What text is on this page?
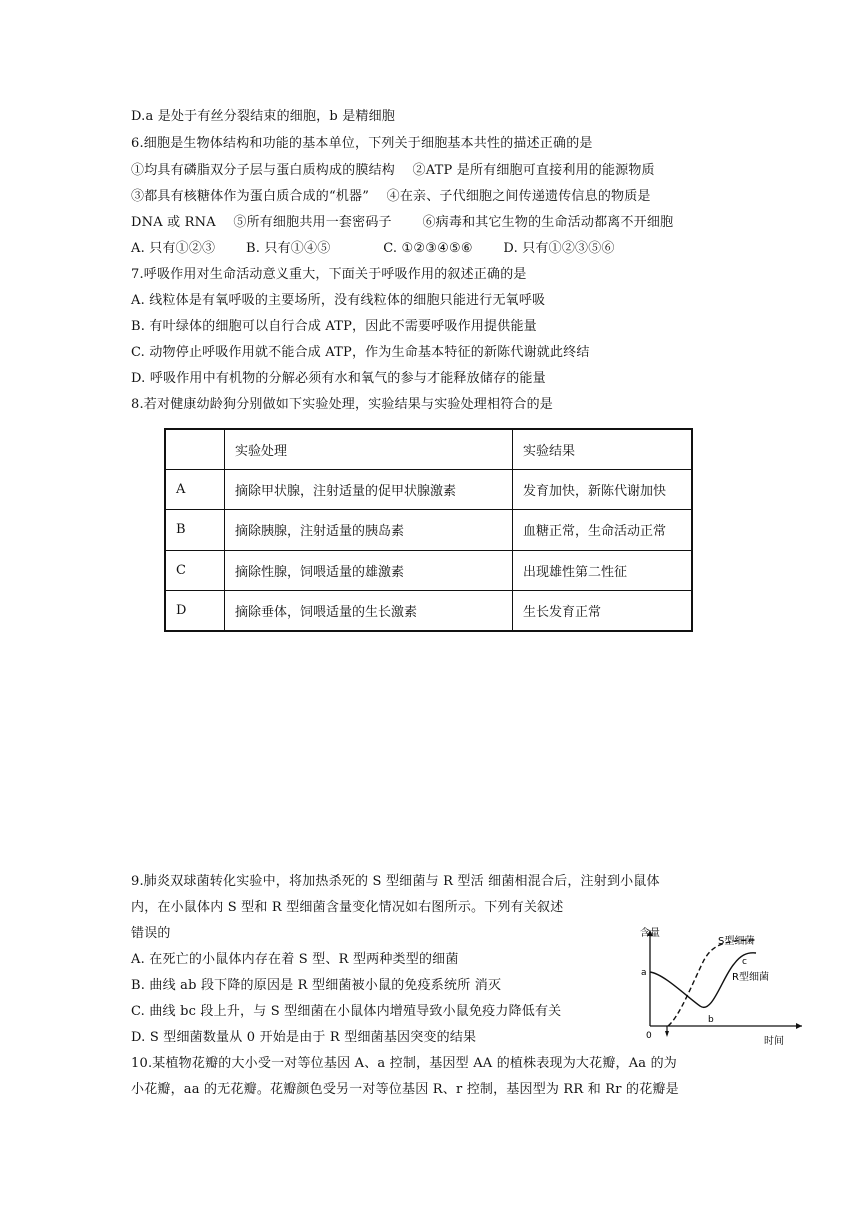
D.a 是处于有丝分裂结束的细胞，b 是精细胞
6.细胞是生物体结构和功能的基本单位，下列关于细胞基本共性的描述正确的是
①均具有磷脂双分子层与蛋白质构成的膜结构　 ②ATP 是所有细胞可直接利用的能源物质
③都具有核糖体作为蛋白质合成的“机器”　 ④在亲、子代细胞之间传递遗传信息的物质是
DNA 或 RNA　 ⑤所有细胞共用一套密码子　　 ⑥病毒和其它生物的生命活动都离不开细胞
A. 只有①②③　　 B. 只有①④⑤　　　　C. ①②③④⑤⑥　　 D. 只有①②③⑤⑥
7.呼吸作用对生命活动意义重大，下面关于呼吸作用的叙述正确的是
A. 线粒体是有氧呼吸的主要场所，没有线粒体的细胞只能进行无氧呼吸
B. 有叶绿体的细胞可以自行合成 ATP，因此不需要呼吸作用提供能量
C. 动物停止呼吸作用就不能合成 ATP，作为生命基本特征的新陈代谢就此终结
D. 呼吸作用中有机物的分解必须有水和氧气的参与才能释放储存的能量
8.若对健康幼龄狗分别做如下实验处理，实验结果与实验处理相符合的是
	实验处理	实验结果
A	摘除甲状腺，注射适量的促甲状腺激素	发育加快，新陈代谢加快
B	摘除胰腺，注射适量的胰岛素	血糖正常，生命活动正常
C	摘除性腺，饲喂适量的雄激素	出现雄性第二性征
D	摘除垂体，饲喂适量的生长激素	生长发育正常
9.肺炎双球菌转化实验中，将加热杀死的 S 型细菌与 R 型活 细菌相混合后，注射到小鼠体
内，在小鼠体内 S 型和 R 型细菌含量变化情况如右图所示。下列有关叙述
错误的
A. 在死亡的小鼠体内存在着 S 型、R 型两种类型的细菌
B. 曲线 ab 段下降的原因是 R 型细菌被小鼠的免疫系统所 消灭
C. 曲线 bc 段上升，与 S 型细菌在小鼠体内增殖导致小鼠免疫力降低有关
D. S 型细菌数量从 0 开始是由于 R 型细菌基因突变的结果
10.某植物花瓣的大小受一对等位基因 A、a 控制，基因型 AA 的植株表现为大花瓣，Aa 的为
小花瓣，aa 的无花瓣。花瓣颜色受另一对等位基因 R、r 控制，基因型为 RR 和 Rr 的花瓣是
含量
a
b
c
0
S型细菌
R型细菌
时间
